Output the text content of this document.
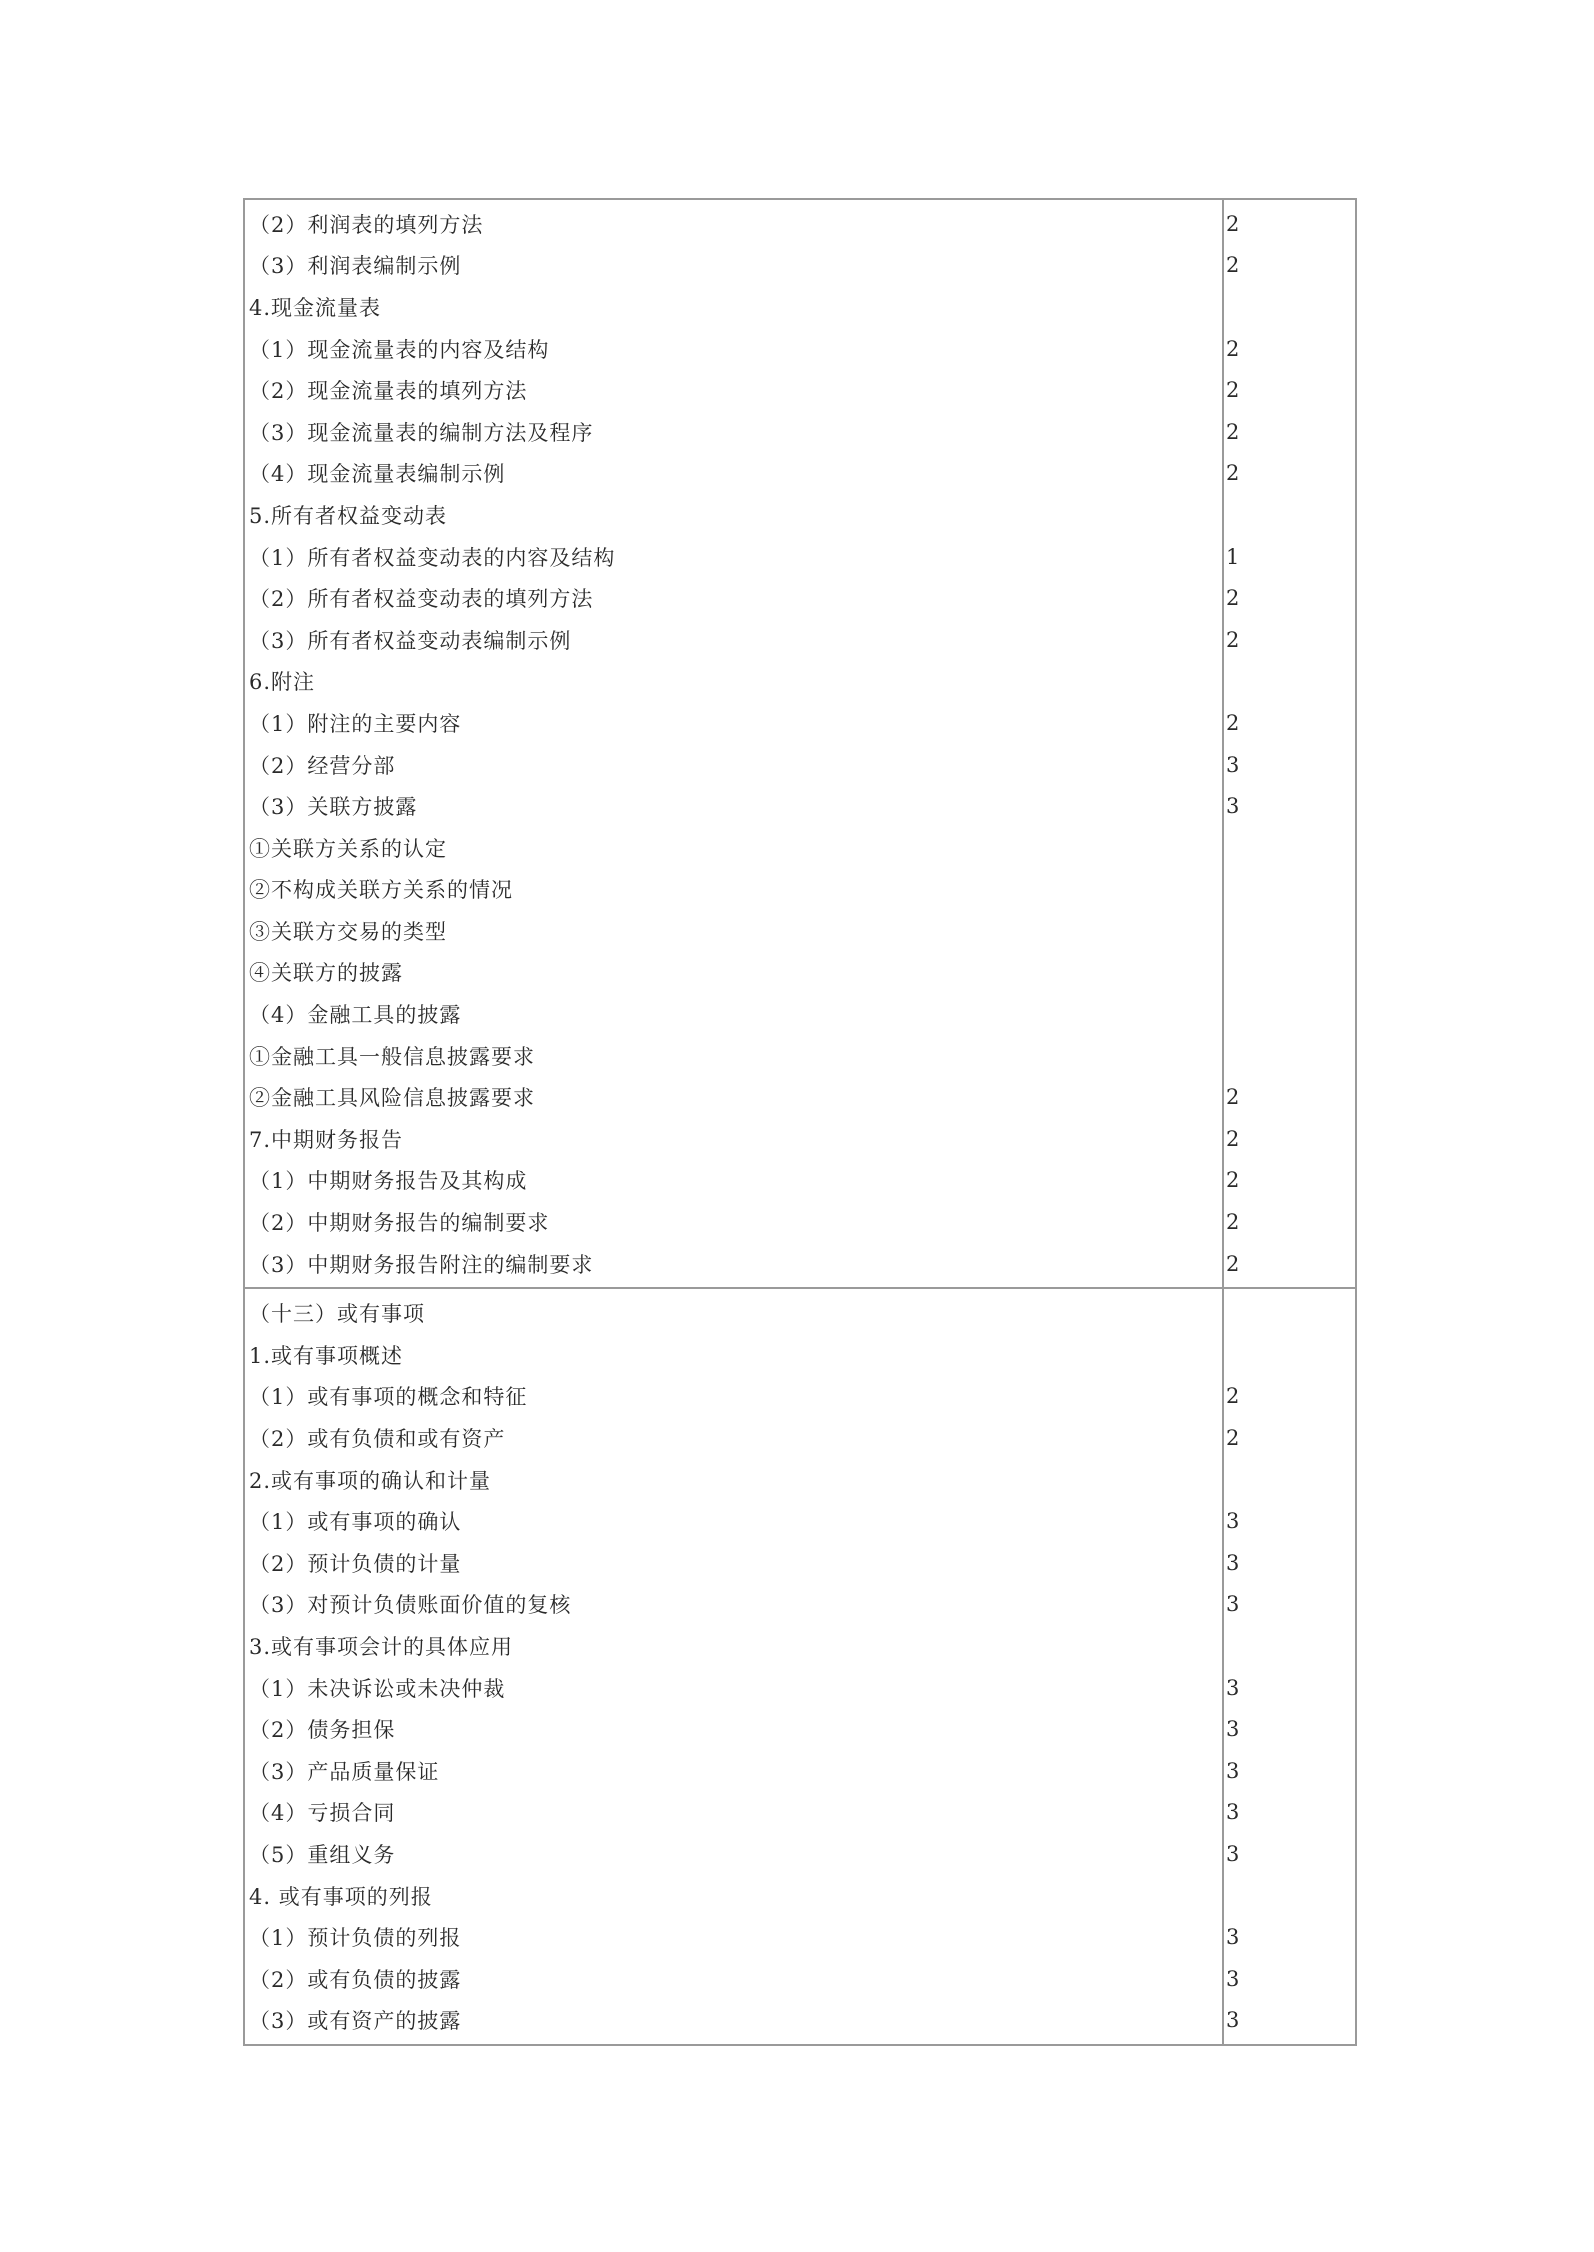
（2）利润表的填列方法	2
（3）利润表编制示例	2
4.现金流量表
（1）现金流量表的内容及结构	2
（2）现金流量表的填列方法	2
（3）现金流量表的编制方法及程序	2
（4）现金流量表编制示例	2
5.所有者权益变动表
（1）所有者权益变动表的内容及结构	1
（2）所有者权益变动表的填列方法	2
（3）所有者权益变动表编制示例	2
6.附注
（1）附注的主要内容	2
（2）经营分部	3
（3）关联方披露	3
①关联方关系的认定
②不构成关联方关系的情况
③关联方交易的类型
④关联方的披露
（4）金融工具的披露
①金融工具一般信息披露要求
②金融工具风险信息披露要求	2
7.中期财务报告	2
（1）中期财务报告及其构成	2
（2）中期财务报告的编制要求	2
（3）中期财务报告附注的编制要求	2
（十三）或有事项
1.或有事项概述
（1）或有事项的概念和特征	2
（2）或有负债和或有资产	2
2.或有事项的确认和计量
（1）或有事项的确认	3
（2）预计负债的计量	3
（3）对预计负债账面价值的复核	3
3.或有事项会计的具体应用
（1）未决诉讼或未决仲裁	3
（2）债务担保	3
（3）产品质量保证	3
（4）亏损合同	3
（5）重组义务	3
4. 或有事项的列报
（1）预计负债的列报	3
（2）或有负债的披露	3
（3）或有资产的披露	3
